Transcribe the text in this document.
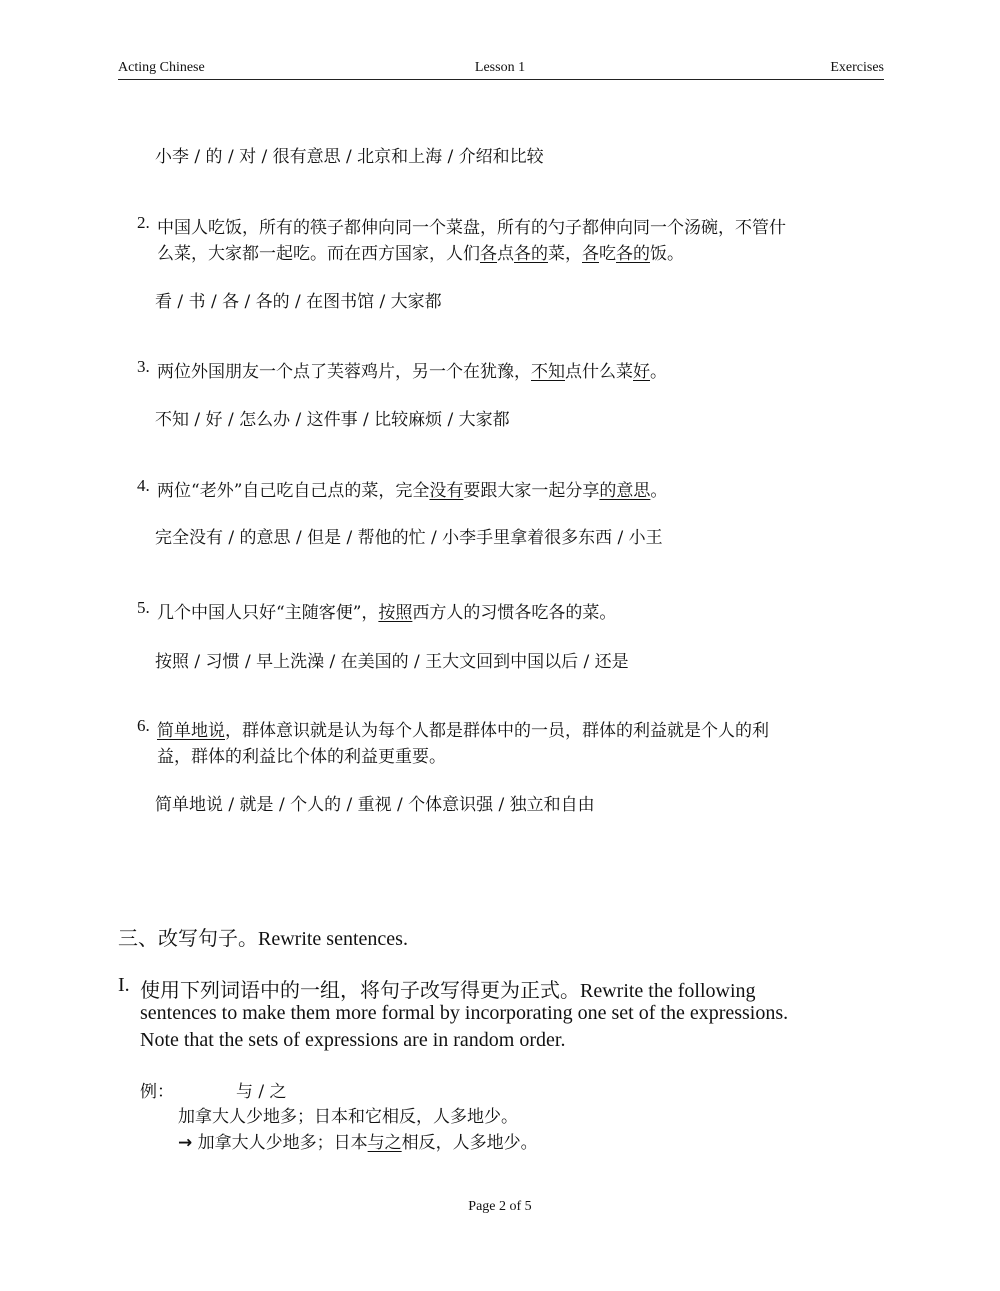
Acting Chinese	Lesson 1	Exercises
小李 / 的 / 对 / 很有意思 / 北京和上海 / 介绍和比较
2. 中国人吃饭，所有的筷子都伸向同一个菜盘，所有的勺子都伸向同一个汤碗，不管什
么菜，大家都一起吃。而在西方国家，人们各点各的菜，各吃各的饭。
看 / 书 / 各 / 各的 / 在图书馆 / 大家都
3. 两位外国朋友一个点了芙蓉鸡片，另一个在犹豫，不知点什么菜好。
不知 / 好 / 怎么办 / 这件事 / 比较麻烦 / 大家都
4. 两位“老外”自己吃自己点的菜，完全没有要跟大家一起分享的意思。
完全没有 / 的意思 / 但是 / 帮他的忙 / 小李手里拿着很多东西 / 小王
5. 几个中国人只好“主随客便”，按照西方人的习惯各吃各的菜。
按照 / 习惯 / 早上洗澡 / 在美国的 / 王大文回到中国以后 / 还是
6. 简单地说，群体意识就是认为每个人都是群体中的一员，群体的利益就是个人的利
益，群体的利益比个体的利益更重要。
简单地说 / 就是 / 个人的 / 重视 / 个体意识强 / 独立和自由
三、改写句子。Rewrite sentences.
I. 使用下列词语中的一组，将句子改写得更为正式。Rewrite the following
sentences to make them more formal by incorporating one set of the expressions.
Note that the sets of expressions are in random order.
例：	与 / 之
加拿大人少地多；日本和它相反，人多地少。
→ 加拿大人少地多；日本与之相反，人多地少。
Page 2 of 5
